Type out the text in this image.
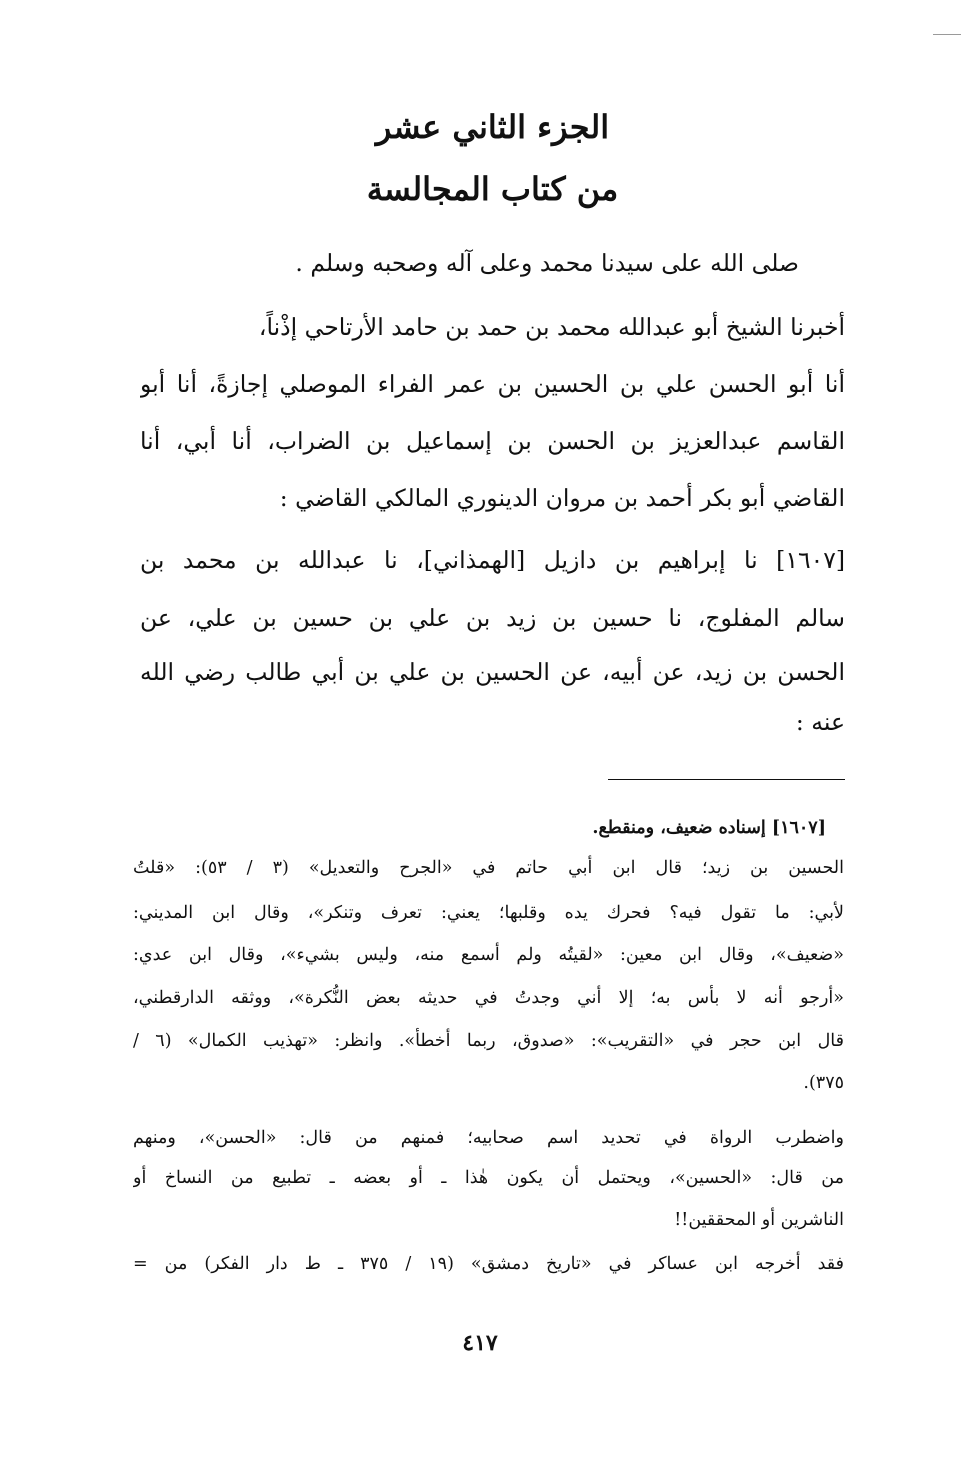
الجزء الثاني عشر
من كتاب المجالسة
صلى الله على سيدنا محمد وعلى آله وصحبه وسلم .
أخبرنا الشيخ أبو عبدالله محمد بن حمد بن حامد الأرتاحي إذْناً،
أنا أبو الحسن علي بن الحسين بن عمر الفراء الموصلي إجازةً، أنا أبو
القاسم عبدالعزيز بن الحسن بن إسماعيل بن الضراب، أنا أبي، أنا
القاضي أبو بكر أحمد بن مروان الدينوري المالكي القاضي :
[١٦٠٧] نا إبراهيم بن دازيل [الهمذاني]، نا عبدالله بن محمد بن
سالم المفلوج، نا حسين بن زيد بن علي بن حسين بن علي، عن
الحسن بن زيد، عن أبيه، عن الحسين بن علي بن أبي طالب رضي الله
عنه :
[١٦٠٧] إسناده ضعيف، ومنقطع.
الحسين بن زيد؛ قال ابن أبي حاتم في «الجرح والتعديل» (٣ / ٥٣): «قلتُ
لأبي: ما تقول فيه؟ فحرك يده وقلبها؛ يعني: تعرف وتنكر»، وقال ابن المديني:
«ضعيف»، وقال ابن معين: «لقيتُه ولم أسمع منه، وليس بشيء»، وقال ابن عدي:
«أرجو أنه لا بأس به؛ إلا أني وجدتُ في حديثه بعض النُّكرة»، ووثقه الدارقطني،
قال ابن حجر في «التقريب»: «صدوق، ربما أخطأ». وانظر: «تهذيب الكمال» (٦ /
٣٧٥).
واضطرب الرواة في تحديد اسم صحابيه؛ فمنهم من قال: «الحسن»، ومنهم
من قال: «الحسين»، ويحتمل أن يكون هٰذا ـ أو بعضه ـ تطبيع من النساخ أو
الناشرين أو المحققين!!
فقد أخرجه ابن عساكر في «تاريخ دمشق» (١٩ / ٣٧٥ ـ ط دار الفكر) من =
٤١٧
